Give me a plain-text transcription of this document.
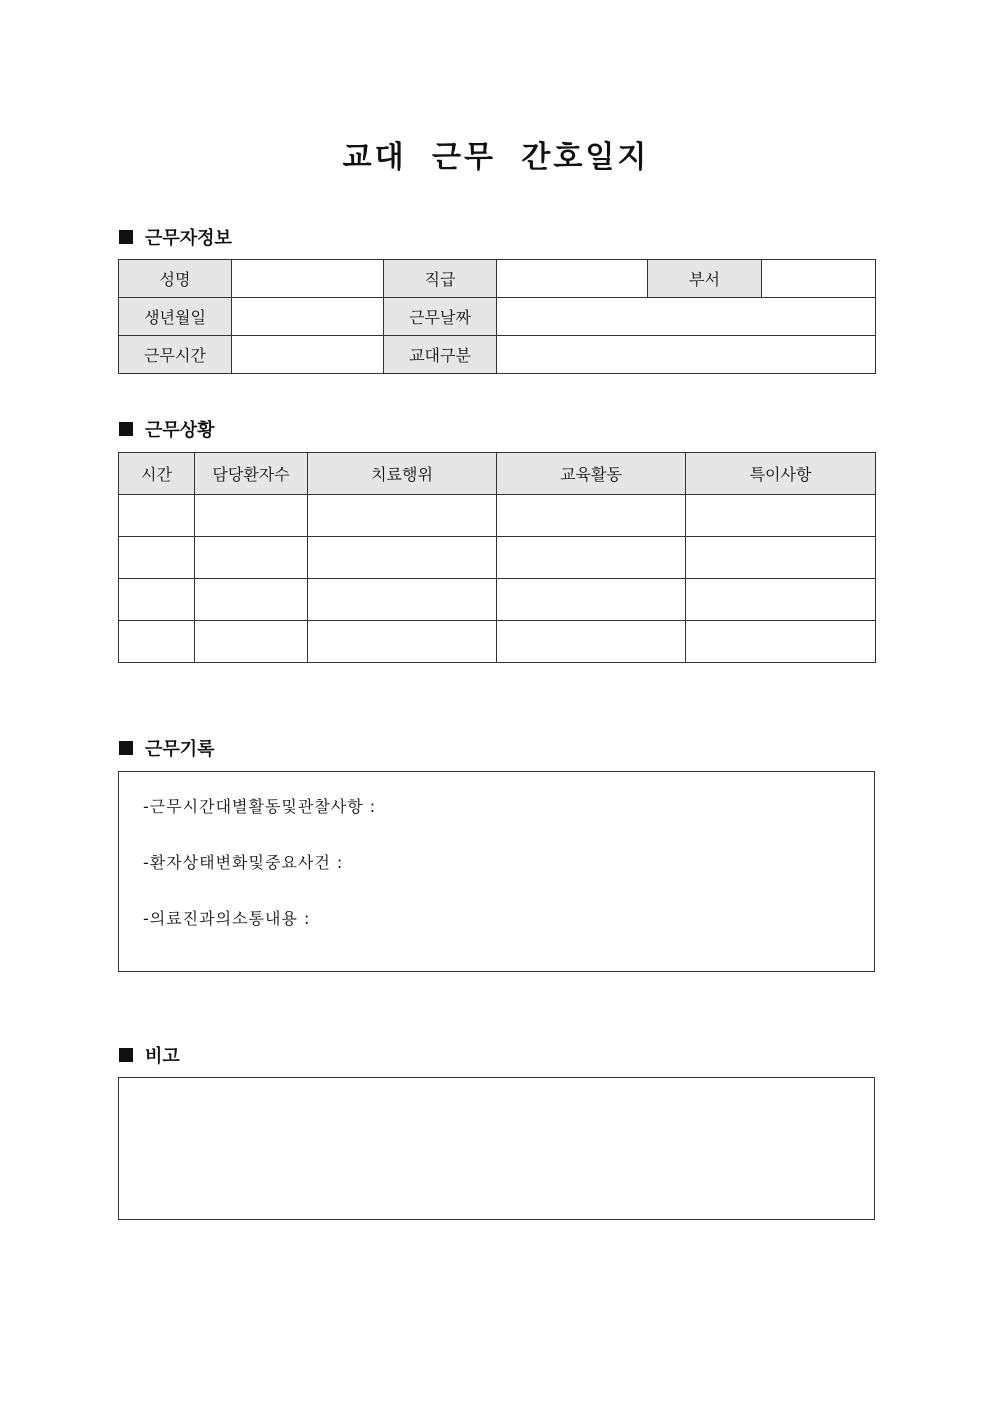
교대 근무 간호일지
근무자정보
성명		직급		부서	
생년월일		근무날짜			
근무시간		교대구분			
근무상황
시간	담당환자수	치료행위	교육활동	특이사항

근무기록
-근무시간대별활동및관찰사항 :
-환자상태변화및중요사건 :
-의료진과의소통내용 :
비고
